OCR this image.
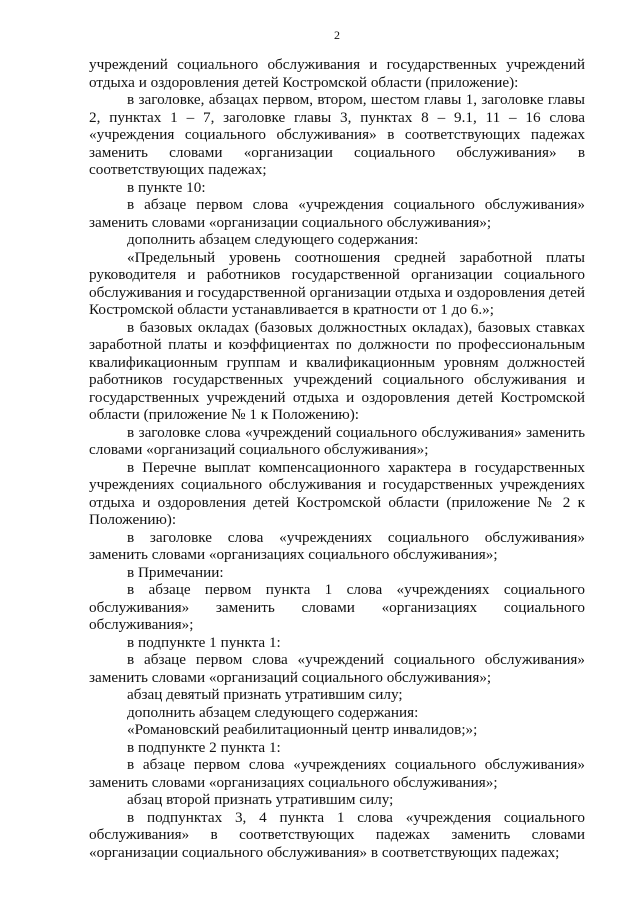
2

учреждений социального обслуживания и государственных учреждений отдыха и оздоровления детей Костромской области (приложение):

в заголовке, абзацах первом, втором, шестом главы 1, заголовке главы 2, пунктах 1 – 7, заголовке главы 3, пунктах 8 – 9.1, 11 – 16 слова «учреждения социального обслуживания» в соответствующих падежах заменить словами «организации социального обслуживания» в соответствующих падежах;

в пункте 10:

в абзаце первом слова «учреждения социального обслуживания» заменить словами «организации социального обслуживания»;

дополнить абзацем следующего содержания:

«Предельный уровень соотношения средней заработной платы руководителя и работников государственной организации социального обслуживания и государственной организации отдыха и оздоровления детей Костромской области устанавливается в кратности от 1 до 6.»;

в базовых окладах (базовых должностных окладах), базовых ставках заработной платы и коэффициентах по должности по профессиональным квалификационным группам и квалификационным уровням должностей работников государственных учреждений социального обслуживания и государственных учреждений отдыха и оздоровления детей Костромской области (приложение № 1 к Положению):

в заголовке слова «учреждений социального обслуживания» заменить словами «организаций социального обслуживания»;

в Перечне выплат компенсационного характера в государственных учреждениях социального обслуживания и государственных учреждениях отдыха и оздоровления детей Костромской области (приложение № 2 к Положению):

в заголовке слова «учреждениях социального обслуживания» заменить словами «организациях социального обслуживания»;

в Примечании:

в абзаце первом пункта 1 слова «учреждениях социального обслуживания» заменить словами «организациях социального обслуживания»;

в подпункте 1 пункта 1:

в абзаце первом слова «учреждений социального обслуживания» заменить словами «организаций социального обслуживания»;

абзац девятый признать утратившим силу;

дополнить абзацем следующего содержания:

«Романовский реабилитационный центр инвалидов;»;

в подпункте 2 пункта 1:

в абзаце первом слова «учреждениях социального обслуживания» заменить словами «организациях социального обслуживания»;

абзац второй признать утратившим силу;

в подпунктах 3, 4 пункта 1 слова «учреждения социального обслуживания» в соответствующих падежах заменить словами «организации социального обслуживания» в соответствующих падежах;
